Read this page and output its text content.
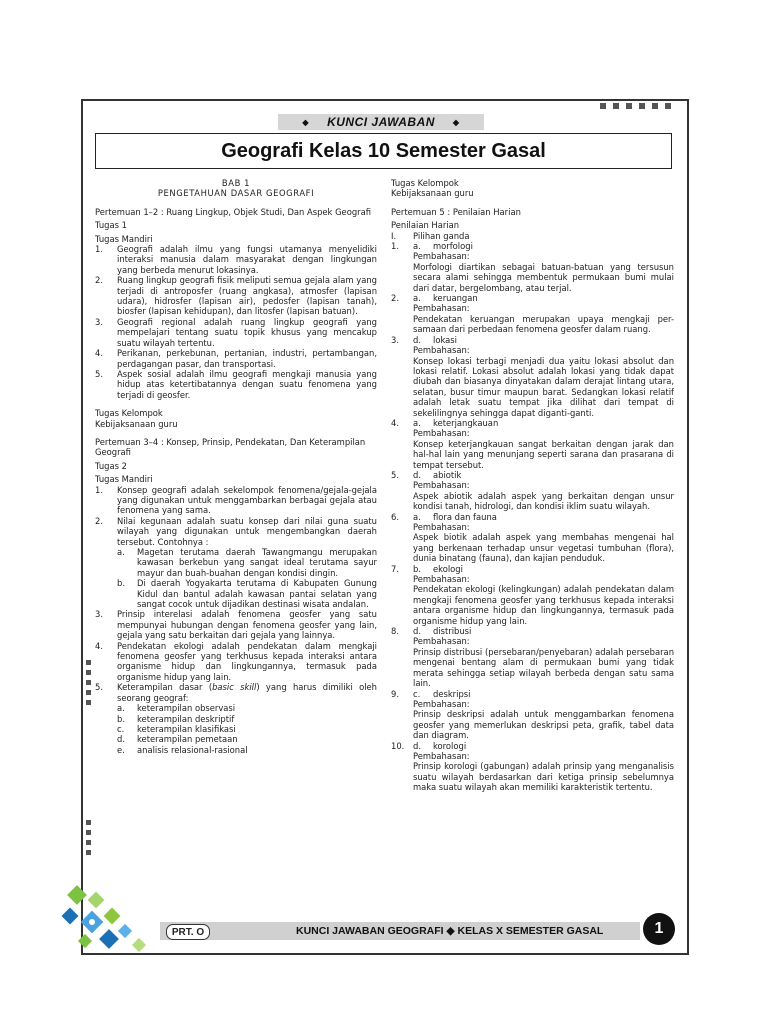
◆ KUNCI JAWABAN ◆
Geografi Kelas 10 Semester Gasal

BAB 1

PENGETAHUAN DASAR GEOGRAFI

Pertemuan 1–2 : Ruang Lingkup, Objek Studi, Dan Aspek Geografi

Tugas 1

Tugas Mandiri

1.	Geografi adalah ilmu yang fungsi utamanya menyelidiki interaksi manusia dalam masyarakat dengan lingkungan yang berbeda menurut lokasinya.
2.	Ruang lingkup geografi fisik meliputi semua gejala alam yang terjadi di antroposfer (ruang angkasa), atmosfer (lapisan udara), hidrosfer (lapisan air), pedosfer (lapisan tanah), biosfer (lapisan kehidupan), dan litosfer (lapisan batuan).
3.	Geografi regional adalah ruang lingkup geografi yang mempelajari tentang suatu topik khusus yang mencakup suatu wilayah tertentu.
4.	Perikanan, perkebunan, pertanian, industri, pertambangan, perdagangan pasar, dan transportasi.
5.	Aspek sosial adalah ilmu geografi mengkaji manusia yang hidup atas ketertibatannya dengan suatu fenomena yang terjadi di geosfer.

Tugas Kelompok

Kebijaksanaan guru

Pertemuan 3–4 : Konsep, Prinsip, Pendekatan, Dan Keterampilan Geografi

Tugas 2

Tugas Mandiri

1.	Konsep geografi adalah sekelompok fenomena/gejala-gejala yang digunakan untuk menggambarkan berbagai gejala atau fenomena yang sama.
2.	Nilai kegunaan adalah suatu konsep dari nilai guna suatu wilayah yang digunakan untuk mengembangkan daerah tersebut. Contohnya :
a.	Magetan terutama daerah Tawangmangu merupakan kawasan berkebun yang sangat ideal terutama sayur mayur dan buah-buahan dengan kondisi dingin.
b.	Di daerah Yogyakarta terutama di Kabupaten Gunung Kidul dan bantul adalah kawasan pantai selatan yang sangat cocok untuk dijadikan destinasi wisata andalan.
3.	Prinsip interelasi adalah fenomena geosfer yang satu mempunyai hubungan dengan fenomena geosfer yang lain, gejala yang satu berkaitan dari gejala yang lainnya.
4.	Pendekatan ekologi adalah pendekatan dalam mengkaji fenomena geosfer yang terkhusus kepada interaksi antara organisme hidup dan lingkungannya, termasuk pada organisme hidup yang lain.
5.	Keterampilan dasar (basic skill) yang harus dimiliki oleh seorang geograf:
a.	keterampilan observasi
b.	keterampilan deskriptif
c.	keterampilan klasifikasi
d.	keterampilan pemetaan
e.	analisis relasional-rasional

Tugas Kelompok

Kebijaksanaan guru

Pertemuan 5 : Penilaian Harian

Penilaian Harian

I.	Pilihan ganda
1.	a.	morfologi
Pembahasan:
Morfologi diartikan sebagai batuan-batuan yang tersusun secara alami sehingga membentuk permukaan bumi mulai dari datar, bergelombang, atau terjal.
2.	a.	keruangan
Pembahasan:
Pendekatan keruangan merupakan upaya mengkaji per-samaan dari perbedaan fenomena geosfer dalam ruang.
3.	d.	lokasi
Pembahasan:
Konsep lokasi terbagi menjadi dua yaitu lokasi absolut dan lokasi relatif. Lokasi absolut adalah lokasi yang tidak dapat diubah dan biasanya dinyatakan dalam derajat lintang utara, selatan, busur timur maupun barat. Sedangkan lokasi relatif adalah letak suatu tempat jika dilihat dari tempat di sekelilingnya sehingga dapat diganti-ganti.
4.	a.	keterjangkauan
Pembahasan:
Konsep keterjangkauan sangat berkaitan dengan jarak dan hal-hal lain yang menunjang seperti sarana dan prasarana di tempat tersebut.
5.	d.	abiotik
Pembahasan:
Aspek abiotik adalah aspek yang berkaitan dengan unsur kondisi tanah, hidrologi, dan kondisi iklim suatu wilayah.
6.	a.	flora dan fauna
Pembahasan:
Aspek biotik adalah aspek yang membahas mengenai hal yang berkenaan terhadap unsur vegetasi tumbuhan (flora), dunia binatang (fauna), dan kajian penduduk.
7.	b.	ekologi
Pembahasan:
Pendekatan ekologi (kelingkungan) adalah pendekatan dalam mengkaji fenomena geosfer yang terkhusus kepada interaksi antara organisme hidup dan lingkungannya, termasuk pada organisme hidup yang lain.
8.	d.	distribusi
Pembahasan:
Prinsip distribusi (persebaran/penyebaran) adalah persebaran mengenai bentang alam di permukaan bumi yang tidak merata sehingga setiap wilayah berbeda dengan satu sama lain.
9.	c.	deskripsi
Pembahasan:
Prinsip deskripsi adalah untuk menggambarkan fenomena geosfer yang memerlukan deskripsi peta, grafik, tabel data dan diagram.
10.	d.	korologi
Pembahasan:
Prinsip korologi (gabungan) adalah prinsip yang menganalisis suatu wilayah berdasarkan dari ketiga prinsip sebelumnya maka suatu wilayah akan memiliki karakteristik tertentu.
PRT. O	KUNCI JAWABAN GEOGRAFI ◆ KELAS X SEMESTER GASAL	1
